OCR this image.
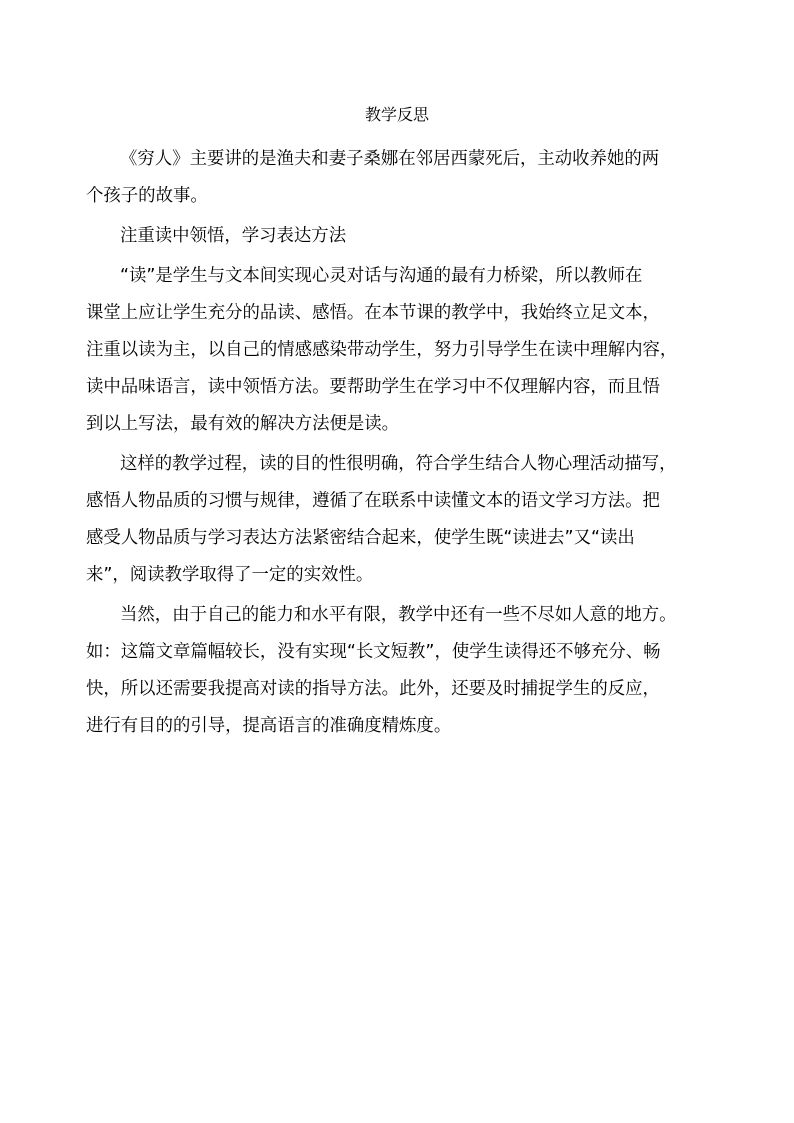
教学反思
《穷人》主要讲的是渔夫和妻子桑娜在邻居西蒙死后，主动收养她的两
个孩子的故事。
注重读中领悟，学习表达方法
“读”是学生与文本间实现心灵对话与沟通的最有力桥梁，所以教师在
课堂上应让学生充分的品读、感悟。在本节课的教学中，我始终立足文本，
注重以读为主，以自己的情感感染带动学生，努力引导学生在读中理解内容，
读中品味语言，读中领悟方法。要帮助学生在学习中不仅理解内容，而且悟
到以上写法，最有效的解决方法便是读。
这样的教学过程，读的目的性很明确，符合学生结合人物心理活动描写，
感悟人物品质的习惯与规律，遵循了在联系中读懂文本的语文学习方法。把
感受人物品质与学习表达方法紧密结合起来，使学生既“读进去”又“读出
来”，阅读教学取得了一定的实效性。
当然，由于自己的能力和水平有限，教学中还有一些不尽如人意的地方。
如：这篇文章篇幅较长，没有实现“长文短教”，使学生读得还不够充分、畅
快，所以还需要我提高对读的指导方法。此外，还要及时捕捉学生的反应，
进行有目的的引导，提高语言的准确度精炼度。
